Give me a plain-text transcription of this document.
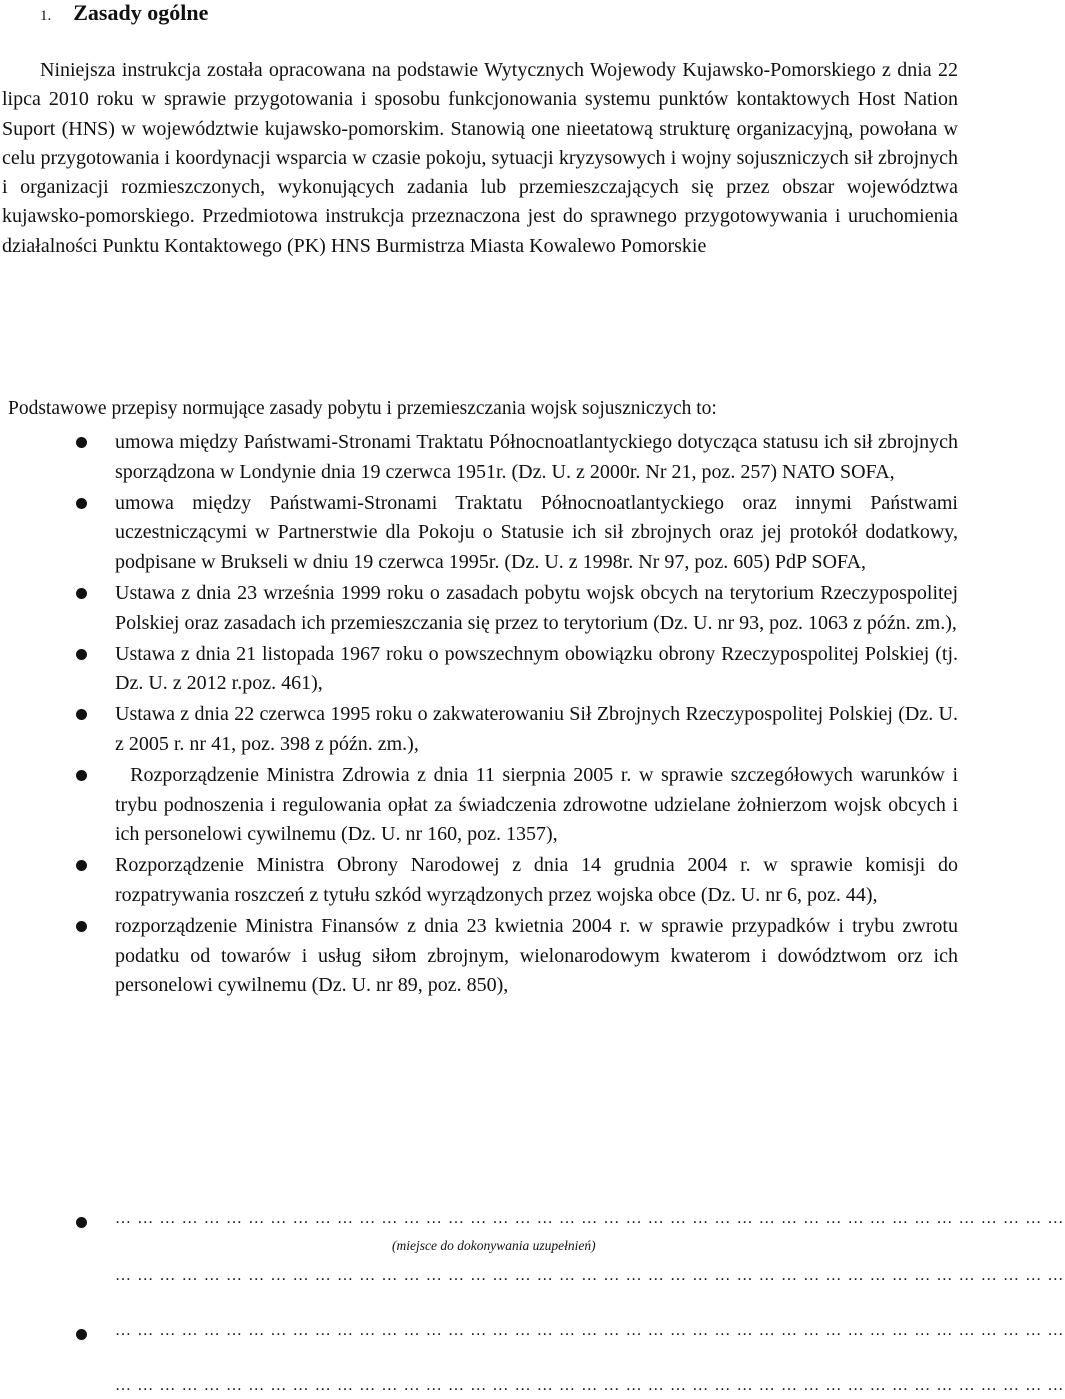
1. Zasady ogólne
Niniejsza instrukcja została opracowana na podstawie Wytycznych Wojewody Kujawsko-Pomorskiego z dnia 22 lipca 2010 roku w sprawie przygotowania i sposobu funkcjonowania systemu punktów kontaktowych Host Nation Suport (HNS) w województwie kujawsko-pomorskim. Stanowią one nieetatową strukturę organizacyjną, powołana w celu przygotowania i koordynacji wsparcia w czasie pokoju, sytuacji kryzysowych i wojny sojuszniczych sił zbrojnych i organizacji rozmieszczonych, wykonujących zadania lub przemieszczających się przez obszar województwa kujawsko-pomorskiego. Przedmiotowa instrukcja przeznaczona jest do sprawnego przygotowywania i uruchomienia działalności Punktu Kontaktowego (PK) HNS Burmistrza Miasta Kowalewo Pomorskie
Podstawowe przepisy normujące zasady pobytu i przemieszczania wojsk sojuszniczych to:
umowa między Państwami-Stronami Traktatu Północnoatlantyckiego dotycząca statusu ich sił zbrojnych sporządzona w Londynie dnia 19 czerwca 1951r. (Dz. U. z 2000r. Nr 21, poz. 257) NATO SOFA,
umowa między Państwami-Stronami Traktatu Północnoatlantyckiego oraz innymi Państwami uczestniczącymi w Partnerstwie dla Pokoju o Statusie ich sił zbrojnych oraz jej protokół dodatkowy, podpisane w Brukseli w dniu 19 czerwca 1995r. (Dz. U. z 1998r. Nr 97, poz. 605) PdP SOFA,
Ustawa z dnia 23 września 1999 roku o zasadach pobytu wojsk obcych na terytorium Rzeczypospolitej Polskiej oraz zasadach ich przemieszczania się przez to terytorium (Dz. U. nr 93, poz. 1063 z późn. zm.),
Ustawa z dnia 21 listopada 1967 roku o powszechnym obowiązku obrony Rzeczypospolitej Polskiej (tj. Dz. U. z 2012 r.poz. 461),
Ustawa z dnia 22 czerwca 1995 roku o zakwaterowaniu Sił Zbrojnych Rzeczypospolitej Polskiej (Dz. U. z 2005 r. nr 41, poz. 398 z późn. zm.),
Rozporządzenie Ministra Zdrowia z dnia 11 sierpnia 2005 r. w sprawie szczegółowych warunków i trybu podnoszenia i regulowania opłat za świadczenia zdrowotne udzielane żołnierzom wojsk obcych i ich personelowi cywilnemu (Dz. U. nr 160, poz. 1357),
Rozporządzenie Ministra Obrony Narodowej z dnia 14 grudnia 2004 r. w sprawie komisji do rozpatrywania roszczeń z tytułu szkód wyrządzonych przez wojska obce (Dz. U. nr 6, poz. 44),
rozporządzenie Ministra Finansów z dnia 23 kwietnia 2004 r. w sprawie przypadków i trybu zwrotu podatku od towarów i usług siłom zbrojnym, wielonarodowym kwaterom i dowództwom orz ich personelowi cywilnemu (Dz. U. nr 89, poz. 850),
… … … … … … … … … … … … … … … … … … … … … … … … … … … … … … … … … … … … … … … … … … …
(miejsce do dokonywania uzupełnień)
… … … … … … … … … … … … … … … … … … … … … … … … … … … … … … … … … … … … … … … … … … …
… … … … … … … … … … … … … … … … … … … … … … … … … … … … … … … … … … … … … … … … … … …
… … … … … … … … … … … … … … … … … … … … … … … … … … … … … … … … … … … … … … … … … … …
